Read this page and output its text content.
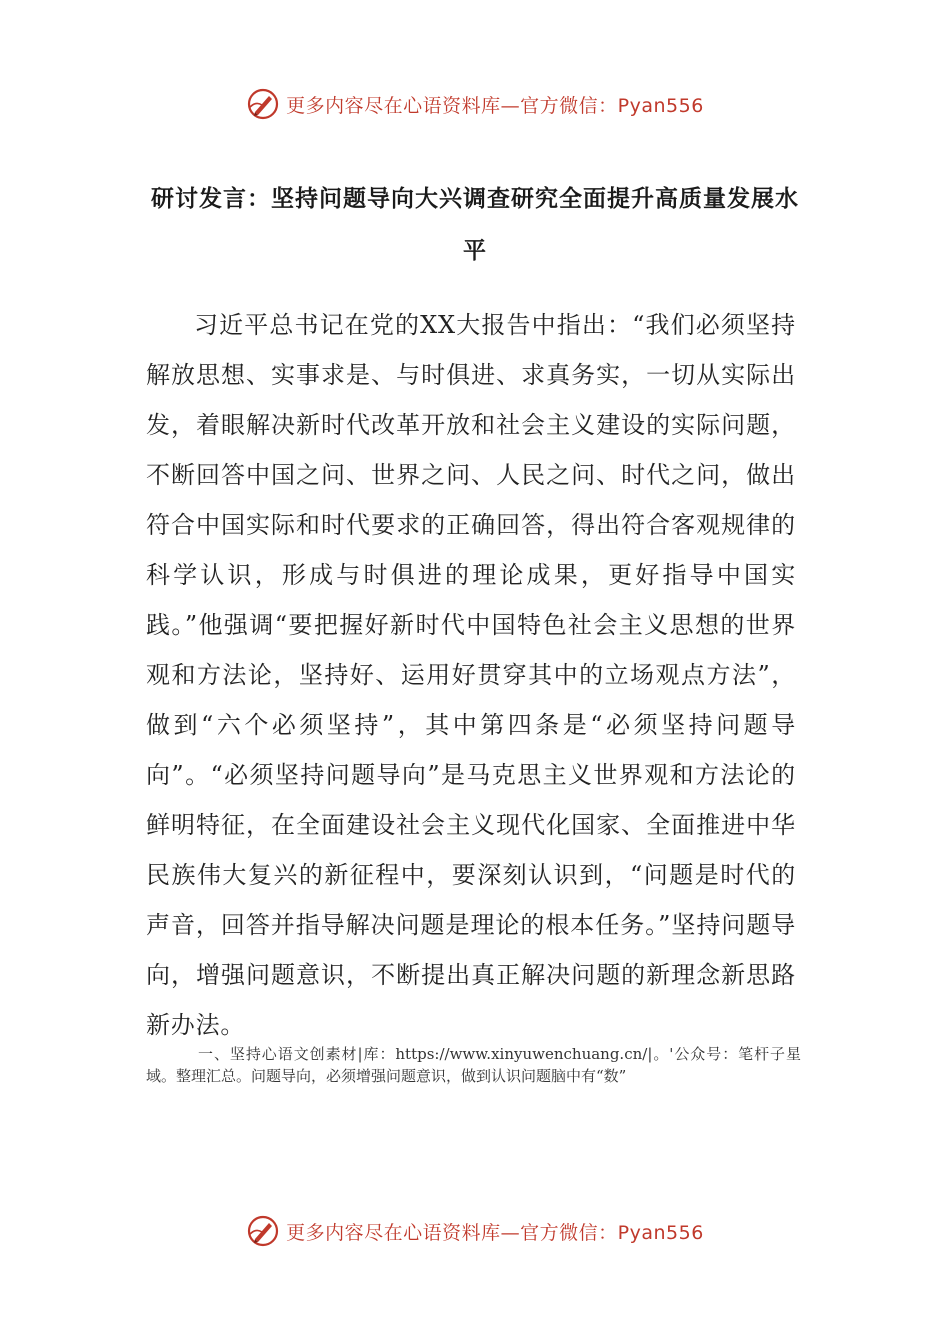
更多内容尽在心语资料库—官方微信：Pyan556
研讨发言：坚持问题导向大兴调查研究全面提升高质量发展水平

习近平总书记在党的XX大报告中指出：“我们必须坚持解放思想、实事求是、与时俱进、求真务实，一切从实际出发，着眼解决新时代改革开放和社会主义建设的实际问题，不断回答中国之问、世界之问、人民之问、时代之问，做出符合中国实际和时代要求的正确回答，得出符合客观规律的科学认识，形成与时俱进的理论成果，更好指导中国实践。”他强调“要把握好新时代中国特色社会主义思想的世界观和方法论，坚持好、运用好贯穿其中的立场观点方法”，做到“六个必须坚持”，其中第四条是“必须坚持问题导向”。“必须坚持问题导向”是马克思主义世界观和方法论的鲜明特征，在全面建设社会主义现代化国家、全面推进中华民族伟大复兴的新征程中，要深刻认识到，“问题是时代的声音，回答并指导解决问题是理论的根本任务。”坚持问题导向，增强问题意识，不断提出真正解决问题的新理念新思路新办法。

一、坚持心语文创素材|库：https://www.xinyuwenchuang.cn/|。'公众号：笔杆子星域。整理汇总。问题导向，必须增强问题意识，做到认识问题脑中有“数”

更多内容尽在心语资料库—官方微信：Pyan556
